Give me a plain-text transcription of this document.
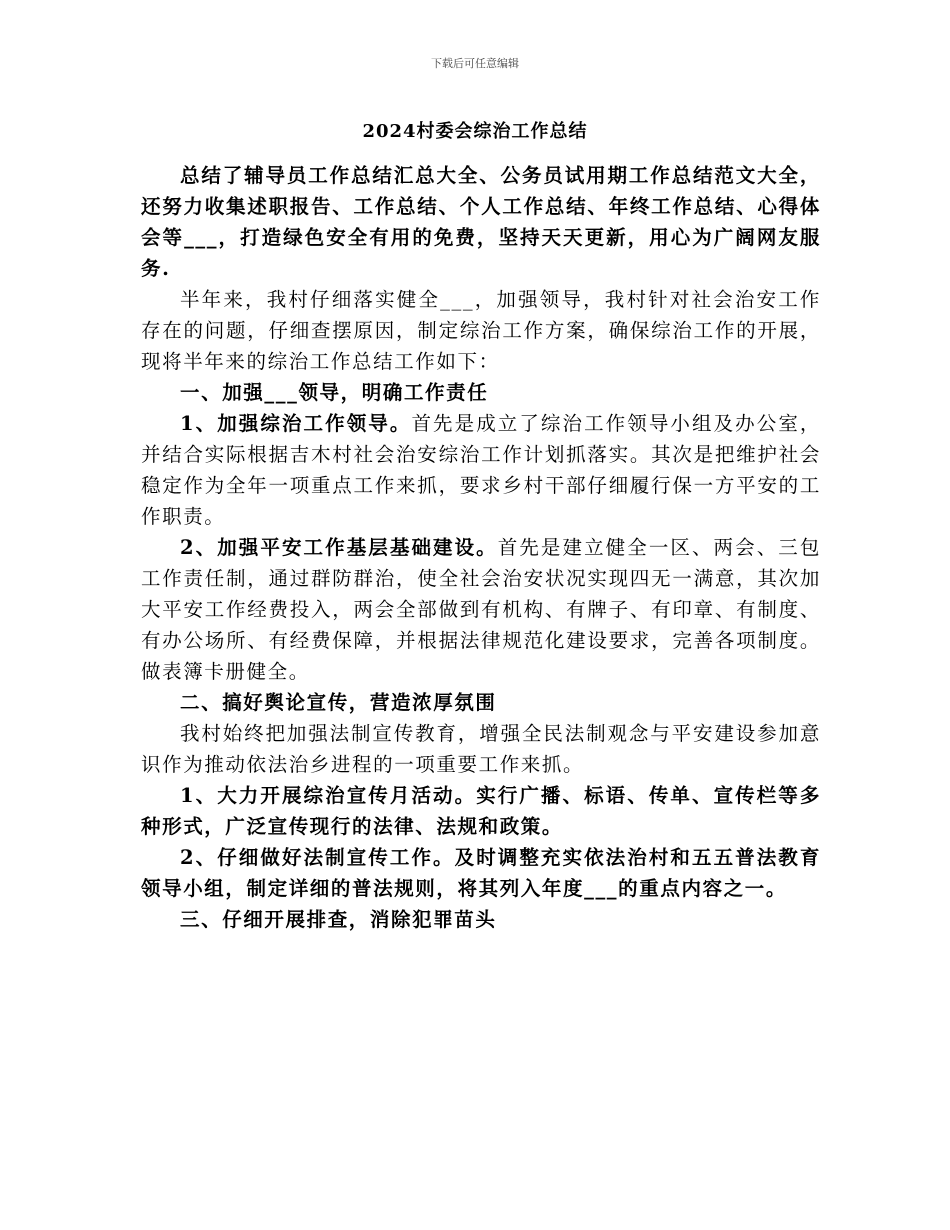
下载后可任意编辑
2024村委会综治工作总结

总结了辅导员工作总结汇总大全、公务员试用期工作总结范文大全，还努力收集述职报告、工作总结、个人工作总结、年终工作总结、心得体会等___，打造绿色安全有用的免费，坚持天天更新，用心为广阔网友服务.

半年来，我村仔细落实健全___，加强领导，我村针对社会治安工作存在的问题，仔细查摆原因，制定综治工作方案，确保综治工作的开展，现将半年来的综治工作总结工作如下：

一、加强___领导，明确工作责任

1、加强综治工作领导。首先是成立了综治工作领导小组及办公室，并结合实际根据吉木村社会治安综治工作计划抓落实。其次是把维护社会稳定作为全年一项重点工作来抓，要求乡村干部仔细履行保一方平安的工作职责。

2、加强平安工作基层基础建设。首先是建立健全一区、两会、三包工作责任制，通过群防群治，使全社会治安状况实现四无一满意，其次加大平安工作经费投入，两会全部做到有机构、有牌子、有印章、有制度、有办公场所、有经费保障，并根据法律规范化建设要求，完善各项制度。做表簿卡册健全。

二、搞好舆论宣传，营造浓厚氛围

我村始终把加强法制宣传教育，增强全民法制观念与平安建设参加意识作为推动依法治乡进程的一项重要工作来抓。

1、大力开展综治宣传月活动。实行广播、标语、传单、宣传栏等多种形式，广泛宣传现行的法律、法规和政策。

2、仔细做好法制宣传工作。及时调整充实依法治村和五五普法教育领导小组，制定详细的普法规则，将其列入年度___的重点内容之一。

三、仔细开展排查，消除犯罪苗头
